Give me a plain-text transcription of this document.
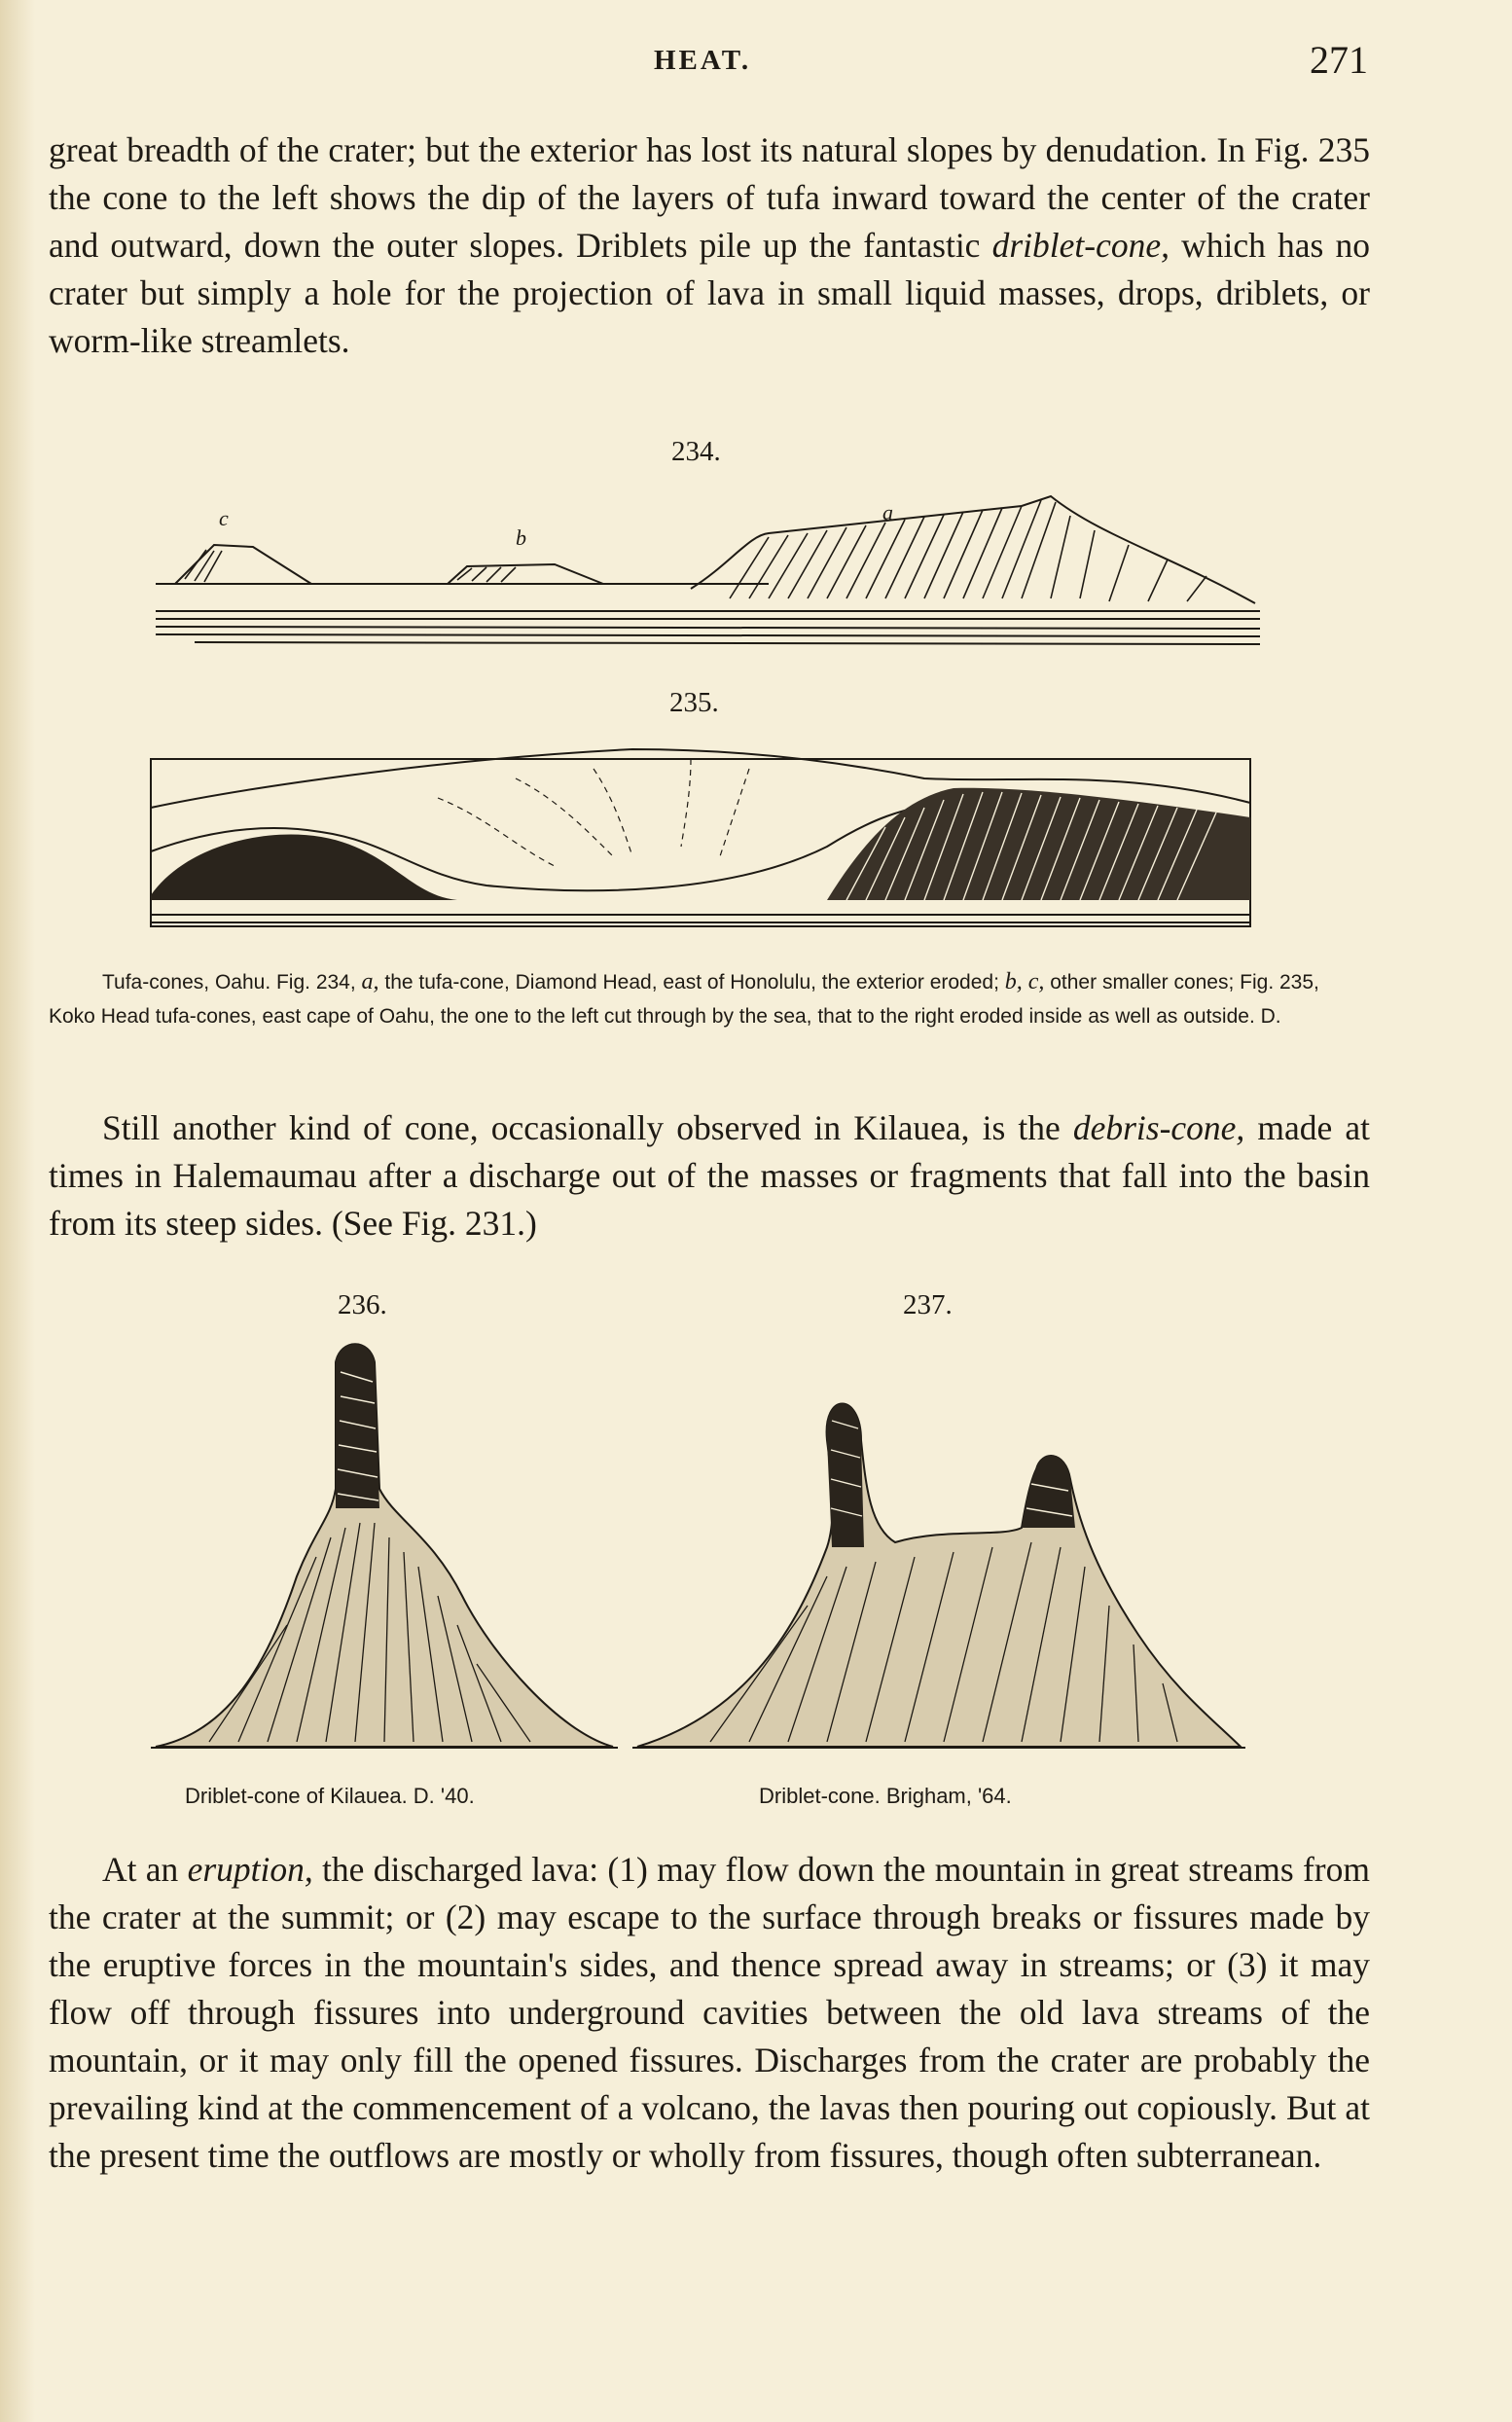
HEAT.	271

great breadth of the crater; but the exterior has lost its natural slopes by denudation. In Fig. 235 the cone to the left shows the dip of the layers of tufa inward toward the center of the crater and outward, down the outer slopes. Driblets pile up the fantastic driblet-cone, which has no crater but simply a hole for the projection of lava in small liquid masses, drops, driblets, or worm-like streamlets.

234.
c
b
a
235.

Tufa-cones, Oahu. Fig. 234, a, the tufa-cone, Diamond Head, east of Honolulu, the exterior eroded; b, c, other smaller cones; Fig. 235, Koko Head tufa-cones, east cape of Oahu, the one to the left cut through by the sea, that to the right eroded inside as well as outside. D.

Still another kind of cone, occasionally observed in Kilauea, is the debris-cone, made at times in Halemaumau after a discharge out of the masses or fragments that fall into the basin from its steep sides. (See Fig. 231.)

236.	237.
Driblet-cone of Kilauea. D. '40.	Driblet-cone. Brigham, '64.

At an eruption, the discharged lava: (1) may flow down the mountain in great streams from the crater at the summit; or (2) may escape to the surface through breaks or fissures made by the eruptive forces in the mountain's sides, and thence spread away in streams; or (3) it may flow off through fissures into underground cavities between the old lava streams of the mountain, or it may only fill the opened fissures. Discharges from the crater are probably the prevailing kind at the commencement of a volcano, the lavas then pouring out copiously. But at the present time the outflows are mostly or wholly from fissures, though often subterranean.
